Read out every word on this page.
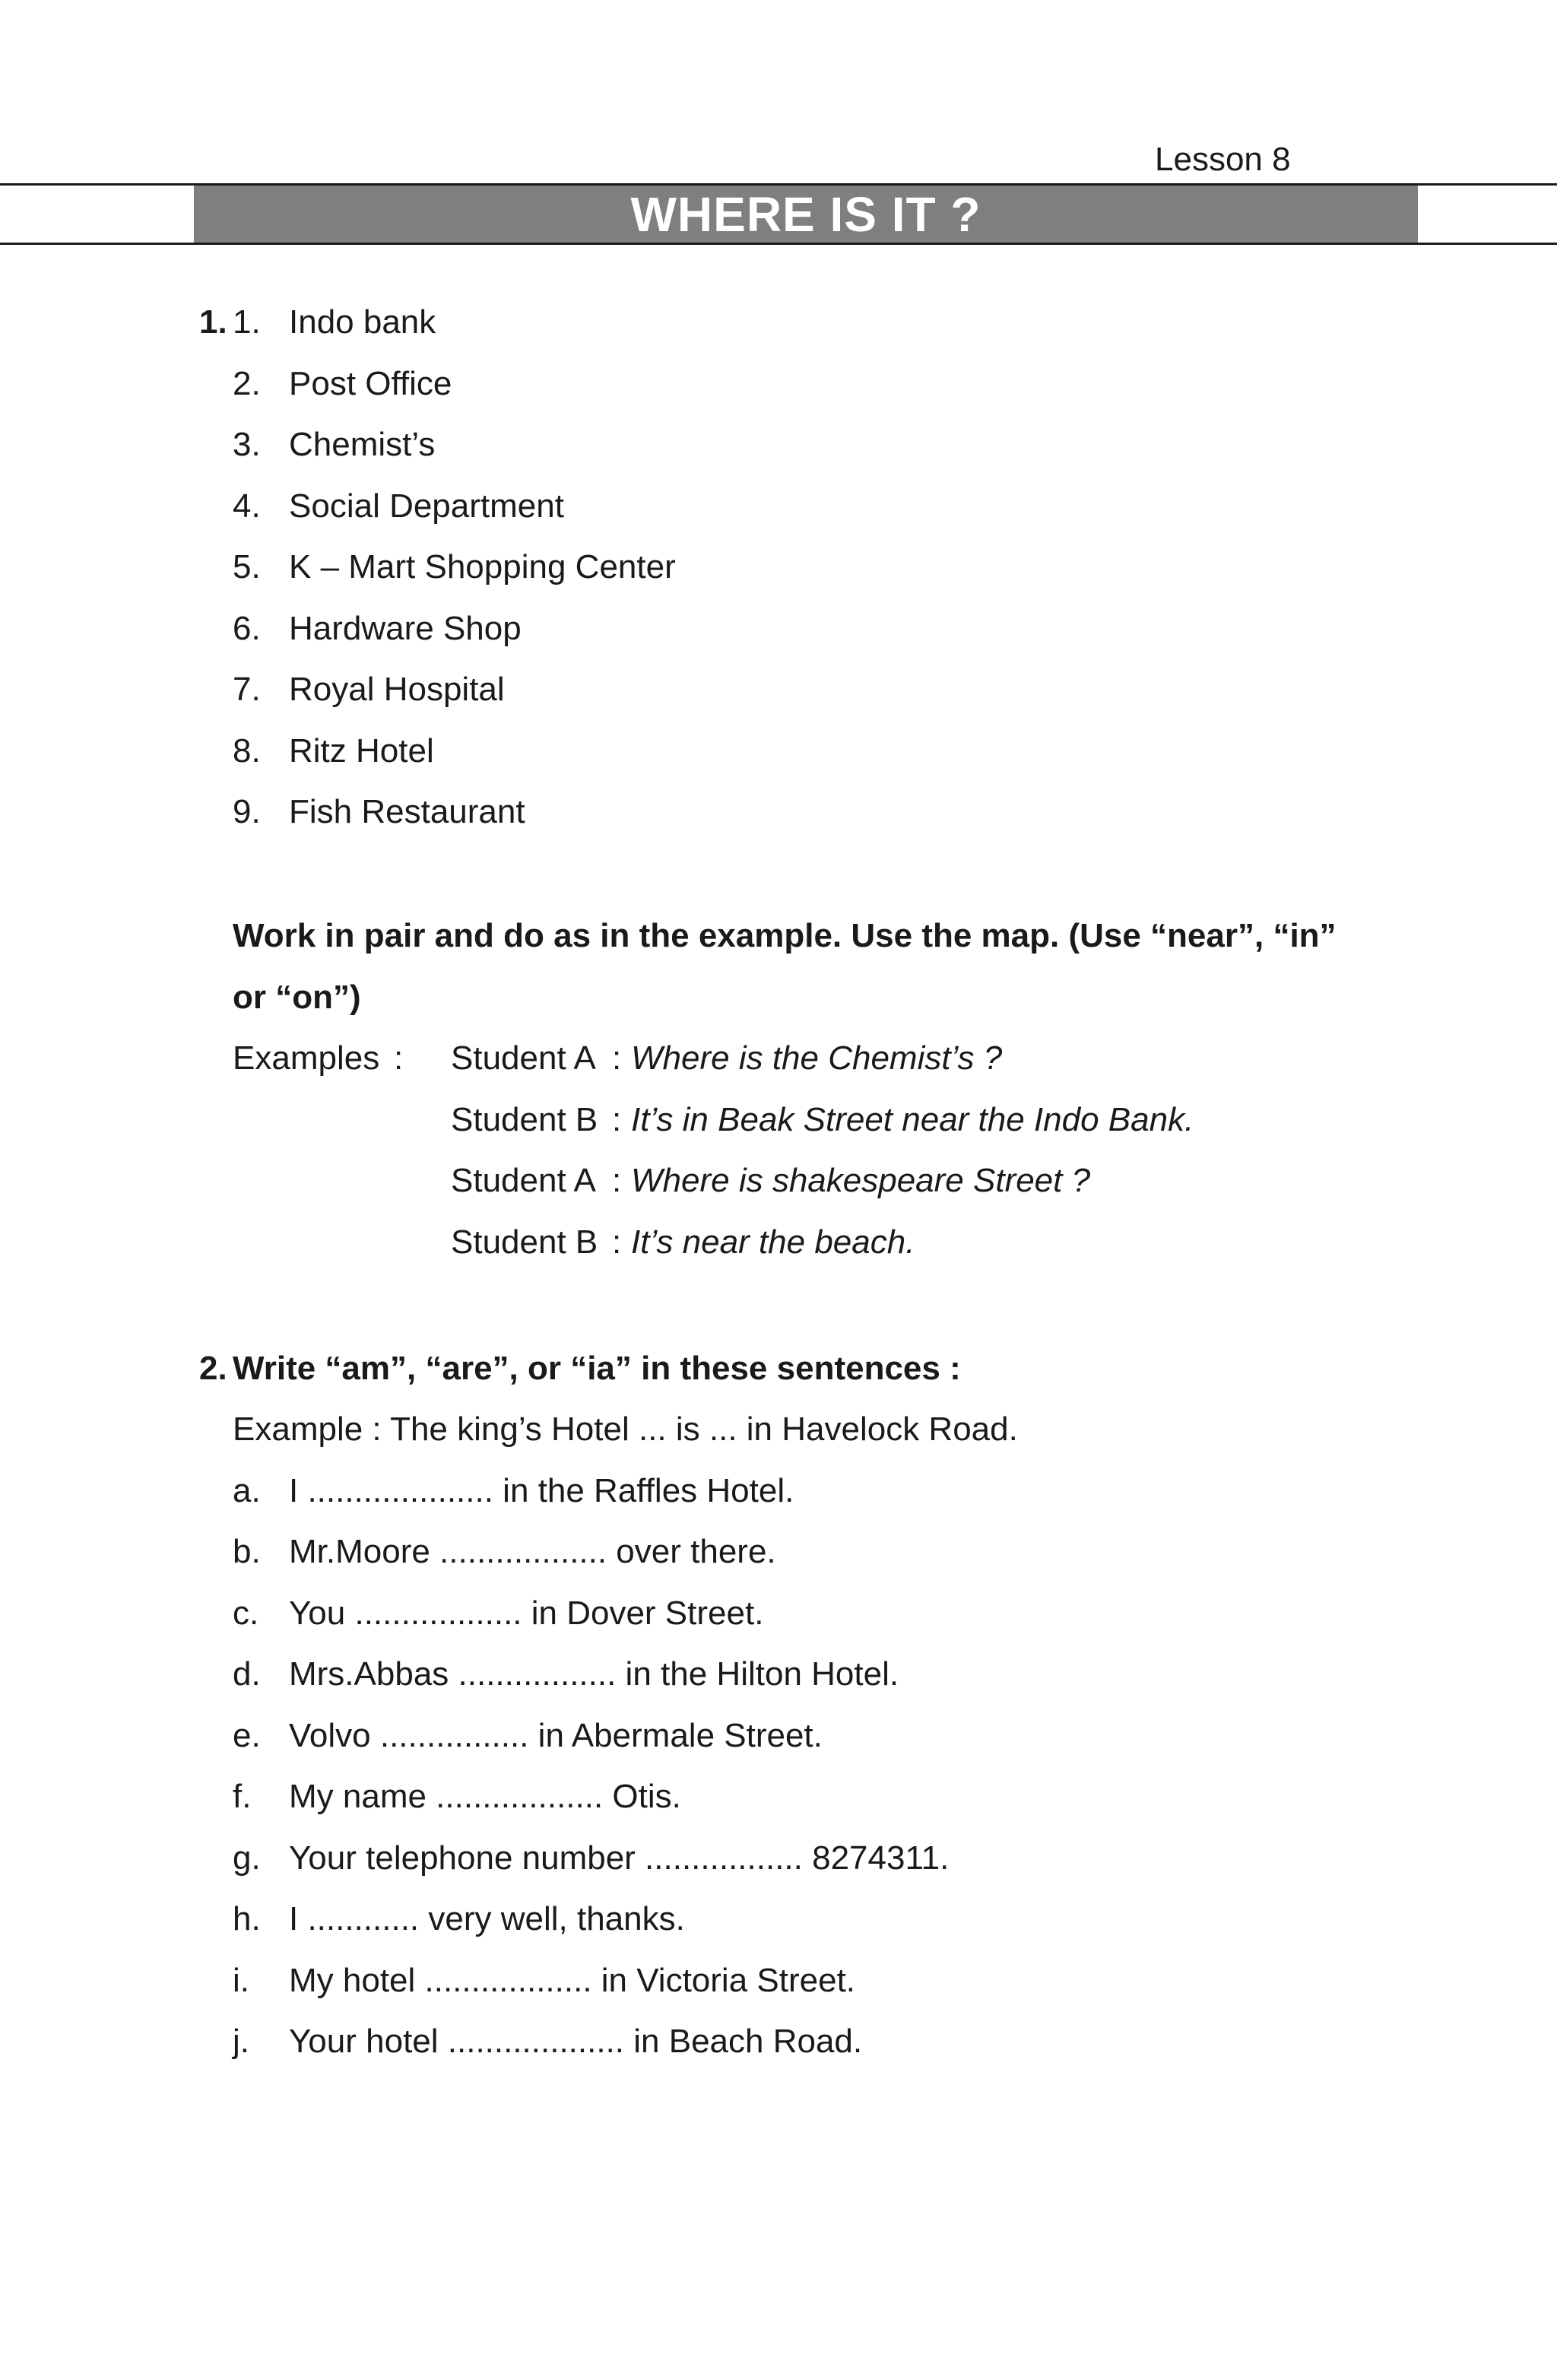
Lesson 8
WHERE IS IT ?
1. 1. Indo bank
2. Post Office
3. Chemist’s
4. Social Department
5. K – Mart Shopping Center
6. Hardware Shop
7. Royal Hospital
8. Ritz Hotel
9. Fish Restaurant
Work in pair and do as in the example. Use the map. (Use “near”, “in”
or “on”)
Examples : Student A : Where is the Chemist’s ?
Student B : It’s in Beak Street near the Indo Bank.
Student A : Where is shakespeare Street ?
Student B : It’s near the beach.
2. Write “am”, “are”, or “ia” in these sentences :
Example : The king’s Hotel ... is ... in Havelock Road.
a. I .................... in the Raffles Hotel.
b. Mr.Moore .................. over there.
c. You .................. in Dover Street.
d. Mrs.Abbas ................. in the Hilton Hotel.
e. Volvo ................ in Abermale Street.
f. My name .................. Otis.
g. Your telephone number ................. 8274311.
h. I ............ very well, thanks.
i. My hotel .................. in Victoria Street.
j. Your hotel ................... in Beach Road.
